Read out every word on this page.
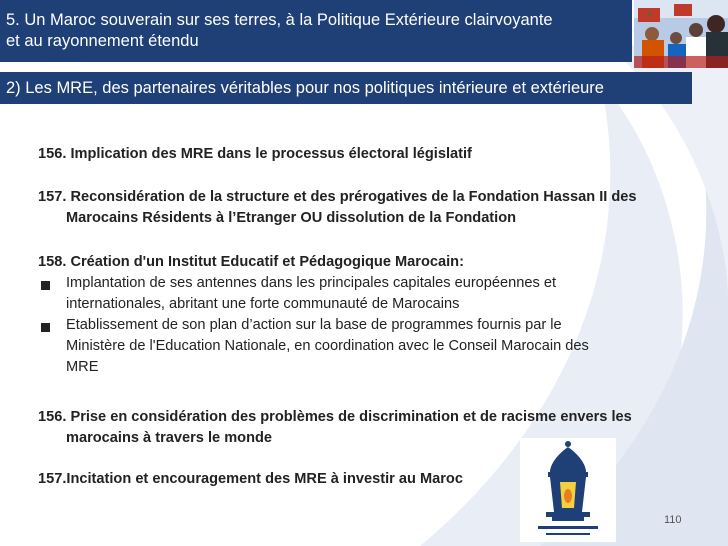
5. Un Maroc souverain sur ses terres, à la Politique Extérieure clairvoyante
et au rayonnement étendu
2) Les MRE, des partenaires véritables pour nos politiques intérieure et extérieure
156. Implication des MRE dans le processus électoral législatif
157. Reconsidération de la structure et des prérogatives de la Fondation Hassan II des
Marocains Résidents à l’Etranger OU dissolution de la Fondation
158. Création d'un Institut Educatif et Pédagogique Marocain:
Implantation de ses antennes dans les principales capitales européennes et
internationales, abritant une forte communauté de Marocains
Etablissement de son plan d’action sur la base de programmes fournis par le
Ministère de l'Education Nationale, en coordination avec le Conseil Marocain des
MRE
156. Prise en considération des problèmes de discrimination et de racisme envers les
marocains à travers le monde
157.Incitation et encouragement des MRE à investir au Maroc
110
